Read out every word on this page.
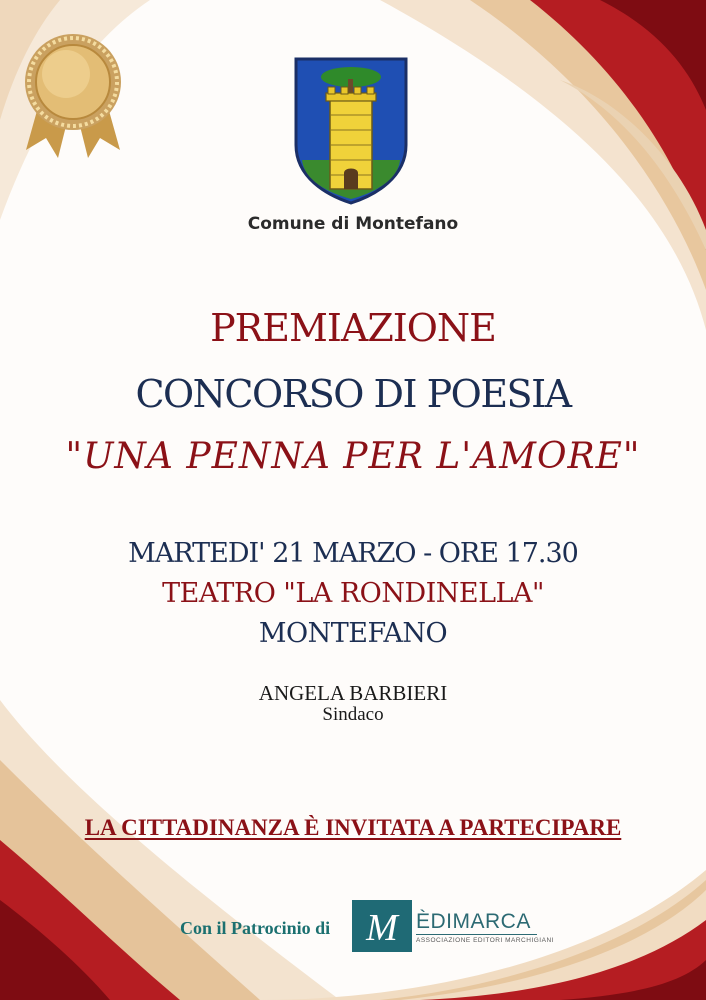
Comune di Montefano

PREMIAZIONE

CONCORSO DI POESIA

"UNA PENNA PER L'AMORE"

MARTEDI' 21 MARZO - ORE 17.30

TEATRO "LA RONDINELLA"

MONTEFANO

ANGELA BARBIERI

Sindaco

LA CITTADINANZA È INVITATA A PARTECIPARE

Con il Patrocinio di M ÈDIMARCA
ASSOCIAZIONE EDITORI MARCHIGIANI
